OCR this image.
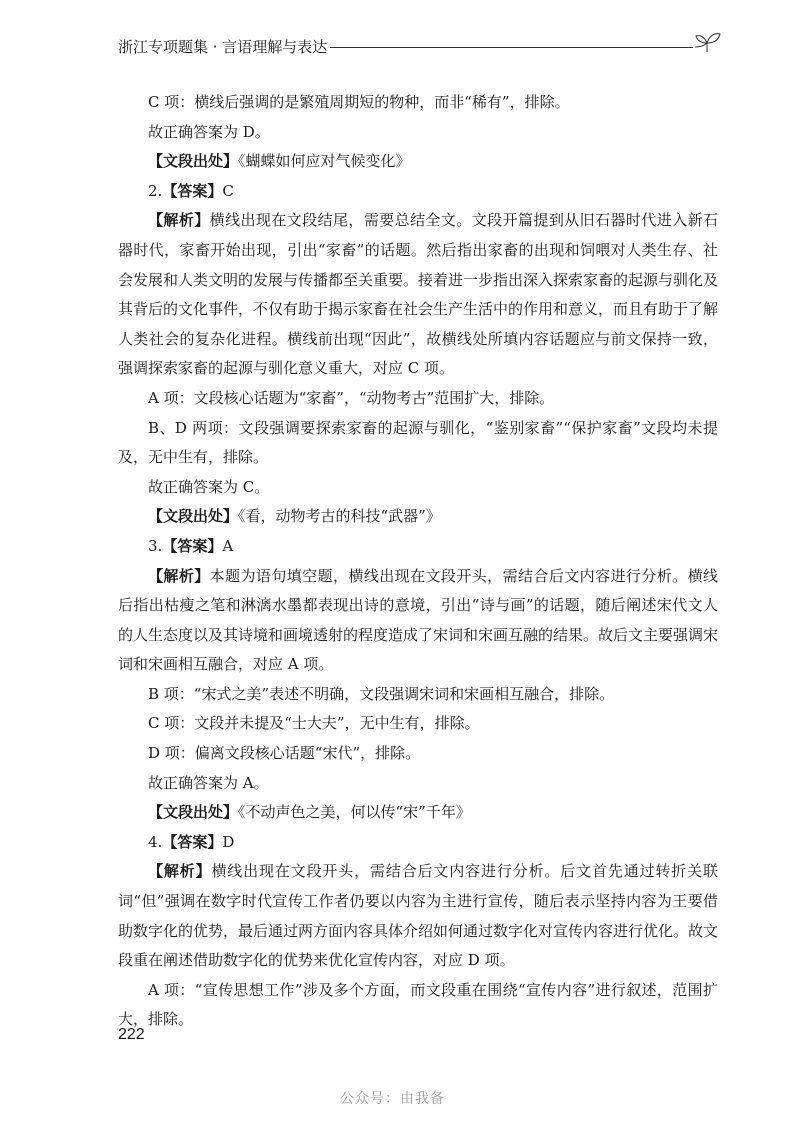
浙江专项题集 · 言语理解与表达

C 项：横线后强调的是繁殖周期短的物种，而非“稀有”，排除。

故正确答案为 D。

【文段出处】《蝴蝶如何应对气候变化》

2.【答案】C

【解析】横线出现在文段结尾，需要总结全文。文段开篇提到从旧石器时代进入新石器时代，家畜开始出现，引出“家畜”的话题。然后指出家畜的出现和饲喂对人类生存、社会发展和人类文明的发展与传播都至关重要。接着进一步指出深入探索家畜的起源与驯化及其背后的文化事件，不仅有助于揭示家畜在社会生产生活中的作用和意义，而且有助于了解人类社会的复杂化进程。横线前出现“因此”，故横线处所填内容话题应与前文保持一致，强调探索家畜的起源与驯化意义重大，对应 C 项。

A 项：文段核心话题为“家畜”，“动物考古”范围扩大，排除。

B、D 两项：文段强调要探索家畜的起源与驯化，“鉴别家畜”“保护家畜”文段均未提及，无中生有，排除。

故正确答案为 C。

【文段出处】《看，动物考古的科技“武器”》

3.【答案】A

【解析】本题为语句填空题，横线出现在文段开头，需结合后文内容进行分析。横线后指出枯瘦之笔和淋漓水墨都表现出诗的意境，引出“诗与画”的话题，随后阐述宋代文人的人生态度以及其诗境和画境透射的程度造成了宋词和宋画互融的结果。故后文主要强调宋词和宋画相互融合，对应 A 项。

B 项：“宋式之美”表述不明确，文段强调宋词和宋画相互融合，排除。

C 项：文段并未提及“士大夫”，无中生有，排除。

D 项：偏离文段核心话题“宋代”，排除。

故正确答案为 A。

【文段出处】《不动声色之美，何以传“宋”千年》

4.【答案】D

【解析】横线出现在文段开头，需结合后文内容进行分析。后文首先通过转折关联词“但”强调在数字时代宣传工作者仍要以内容为主进行宣传，随后表示坚持内容为王要借助数字化的优势，最后通过两方面内容具体介绍如何通过数字化对宣传内容进行优化。故文段重在阐述借助数字化的优势来优化宣传内容，对应 D 项。

A 项：“宣传思想工作”涉及多个方面，而文段重在围绕“宣传内容”进行叙述，范围扩大，排除。

222
公众号：由我备
